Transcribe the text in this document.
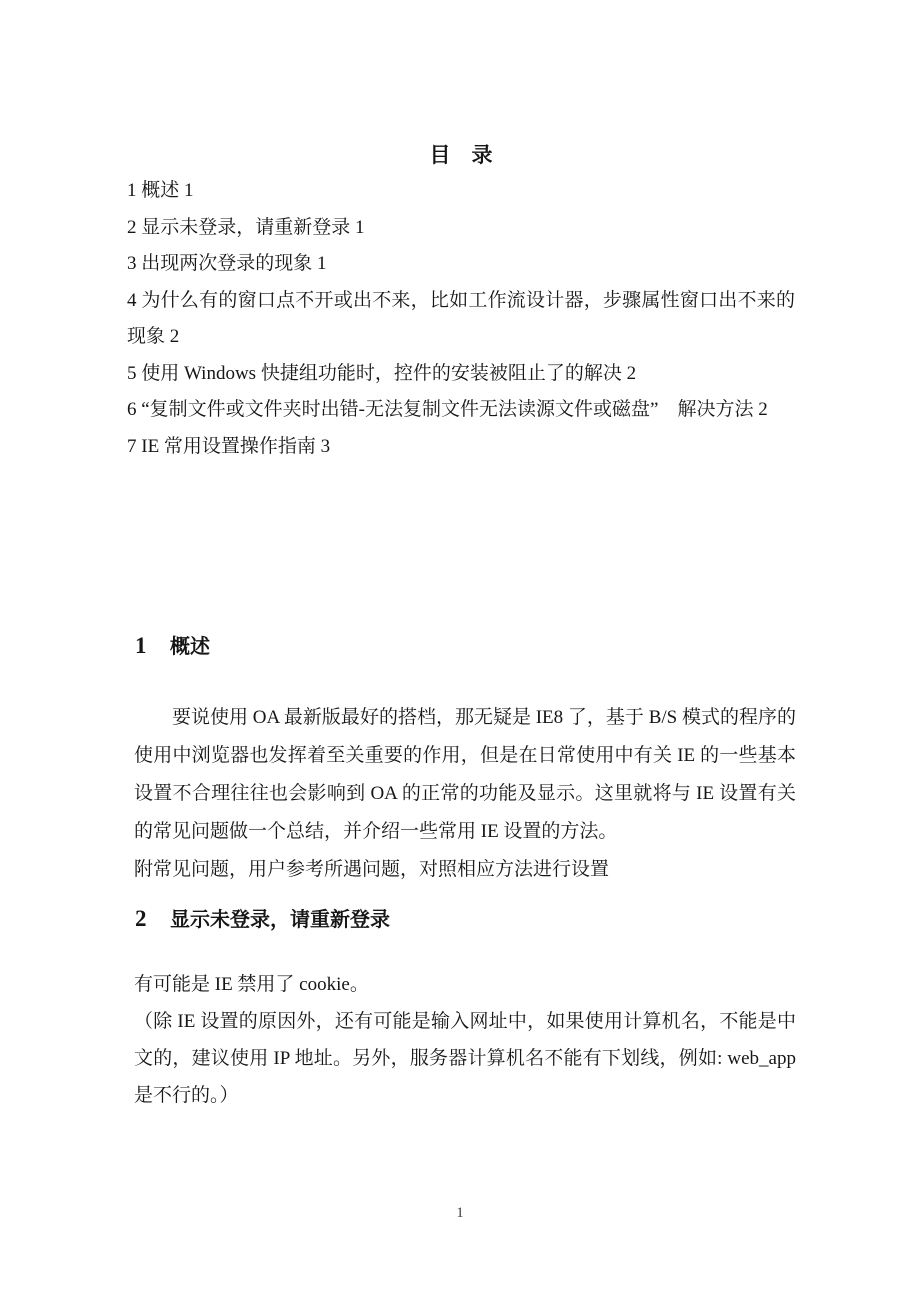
目　录
1 概述 1
2 显示未登录，请重新登录 1
3 出现两次登录的现象 1
4 为什么有的窗口点不开或出不来，比如工作流设计器，步骤属性窗口出不来的现象 2
5 使用 Windows 快捷组功能时，控件的安装被阻止了的解决 2
6 “复制文件或文件夹时出错-无法复制文件无法读源文件或磁盘”　解决方法 2
7 IE 常用设置操作指南 3
1 概述

要说使用 OA 最新版最好的搭档，那无疑是 IE8 了，基于 B/S 模式的程序的使用中浏览器也发挥着至关重要的作用，但是在日常使用中有关 IE 的一些基本设置不合理往往也会影响到 OA 的正常的功能及显示。这里就将与 IE 设置有关的常见问题做一个总结，并介绍一些常用 IE 设置的方法。

附常见问题，用户参考所遇问题，对照相应方法进行设置

2 显示未登录，请重新登录

有可能是 IE 禁用了 cookie。

（除 IE 设置的原因外，还有可能是输入网址中，如果使用计算机名，不能是中文的，建议使用 IP 地址。另外，服务器计算机名不能有下划线，例如: web_app 是不行的。）

1
